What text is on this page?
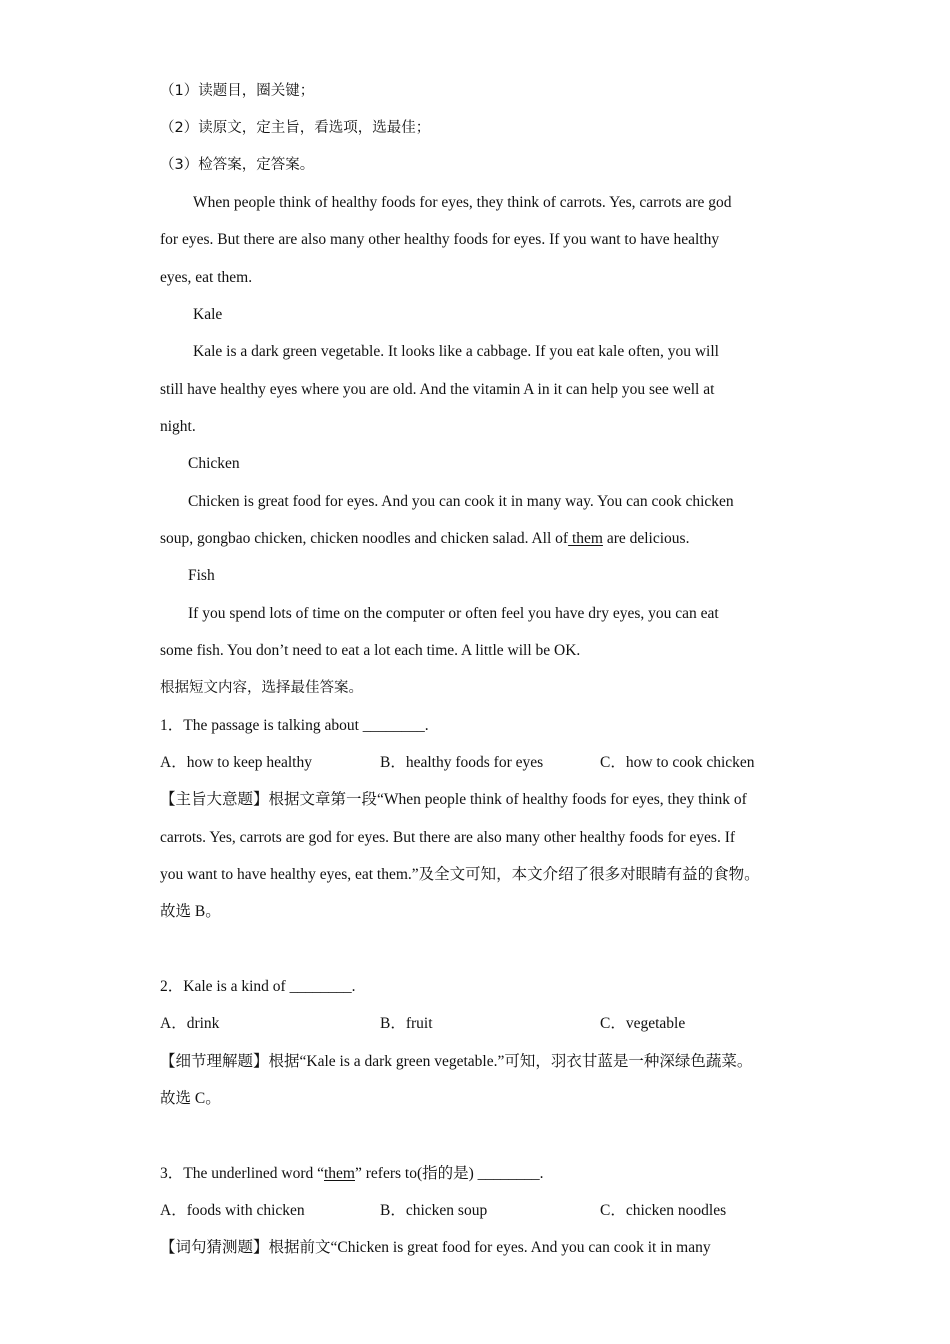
（1）读题目，圈关键；
（2）读原文，定主旨，看选项，选最佳；
（3）检答案，定答案。
When people think of healthy foods for eyes, they think of carrots. Yes, carrots are god
for eyes. But there are also many other healthy foods for eyes. If you want to have healthy
eyes, eat them.
Kale
Kale is a dark green vegetable. It looks like a cabbage. If you eat kale often, you will
still have healthy eyes where you are old. And the vitamin A in it can help you see well at
night.
Chicken
Chicken is great food for eyes. And you can cook it in many way. You can cook chicken
soup, gongbao chicken, chicken noodles and chicken salad. All of them are delicious.
Fish
If you spend lots of time on the computer or often feel you have dry eyes, you can eat
some fish. You don’t need to eat a lot each time. A little will be OK.
根据短文内容，选择最佳答案。
1．The passage is talking about ________.
A．how to keep healthy	B．healthy foods for eyes	C．how to cook chicken
【主旨大意题】根据文章第一段“When people think of healthy foods for eyes, they think of
carrots. Yes, carrots are god for eyes. But there are also many other healthy foods for eyes. If
you want to have healthy eyes, eat them.”及全文可知，本文介绍了很多对眼睛有益的食物。
故选 B。
2．Kale is a kind of ________.
A．drink	B．fruit	C．vegetable
【细节理解题】根据“Kale is a dark green vegetable.”可知，羽衣甘蓝是一种深绿色蔬菜。
故选 C。
3．The underlined word “them” refers to(指的是) ________.
A．foods with chicken	B．chicken soup	C．chicken noodles
【词句猜测题】根据前文“Chicken is great food for eyes. And you can cook it in many
